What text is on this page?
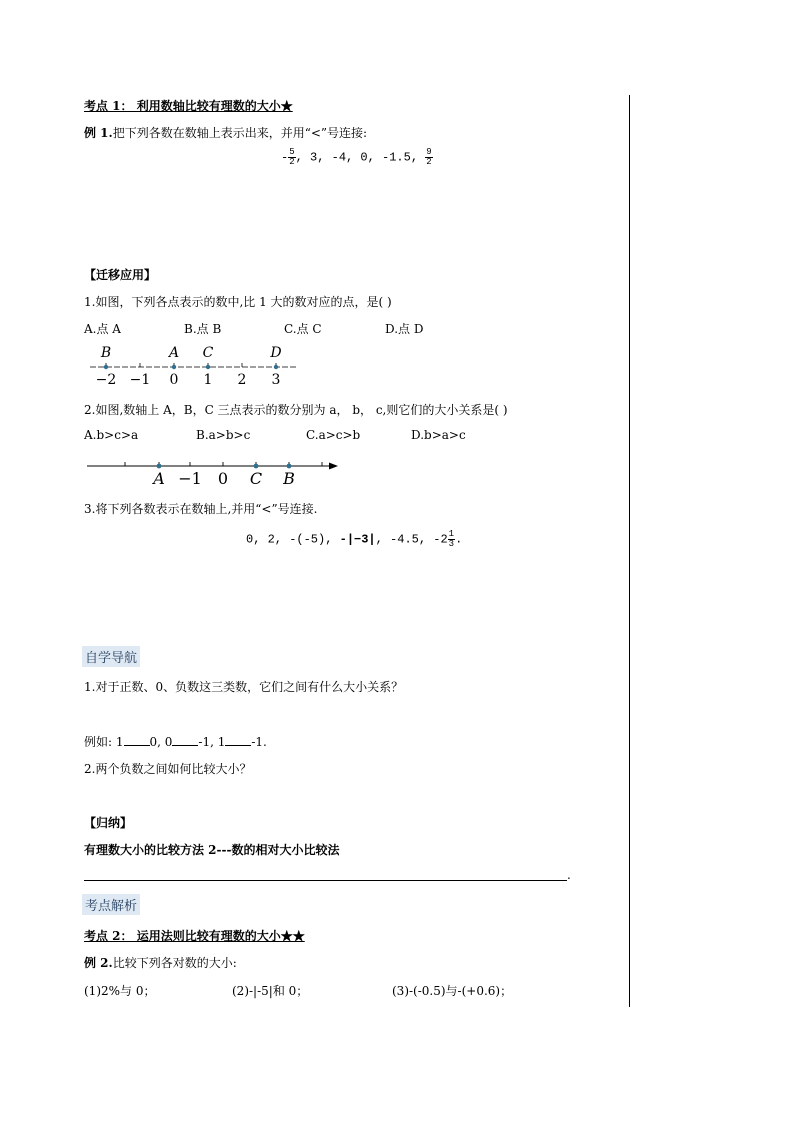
考点 1： 利用数轴比较有理数的大小★
例 1.把下列各数在数轴上表示出来，并用“<”号连接:
- $\frac{5}{2}$ , 3, -4, 0, -1.5, $\frac{9}{2}$
【迁移应用】
1.如图，下列各点表示的数中,比 1 大的数对应的点，是( )
A.点 A	B.点 B	C.点 C	D.点 D
−2 −1 0 1 2 3
B	A C	D
2.如图,数轴上 A，B，C 三点表示的数分别为 a， b， c,则它们的大小关系是( )
A.b>c>a	B.a>b>c	C.a>c>b	D.b>a>c
A −1 0 C B
3.将下列各数表示在数轴上,并用“<”号连接.
0, 2, -(-5), -|−3|, -4.5, $-2 \frac{1}{3}$ .
自学导航
1.对于正数、0、负数这三类数，它们之间有什么大小关系？
例如: 1 0, 0 -1, 1 -1.
2.两个负数之间如何比较大小？
【归纳】
有理数大小的比较方法 2---数的相对大小比较法
.
考点解析
考点 2： 运用法则比较有理数的大小★★
例 2.比较下列各对数的大小:
(1)2%与 0；	(2)-|-5|和 0；	(3)-(-0.5)与-(+0.6)；
